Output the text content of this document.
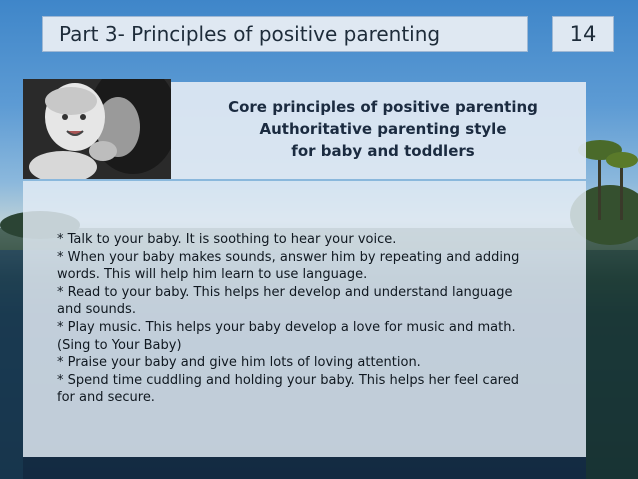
Part 3- Principles of positive parenting	14
Core principles of positive parenting
Authoritative parenting style
for baby and toddlers
* Talk to your baby. It is soothing to hear your voice.
* When your baby makes sounds, answer him by repeating and adding
words. This will help him learn to use language.
* Read to your baby. This helps her develop and understand language
and sounds.
* Play music. This helps your baby develop a love for music and math.
(Sing to Your Baby)
* Praise your baby and give him lots of loving attention.
* Spend time cuddling and holding your baby. This helps her feel cared
for and secure.
